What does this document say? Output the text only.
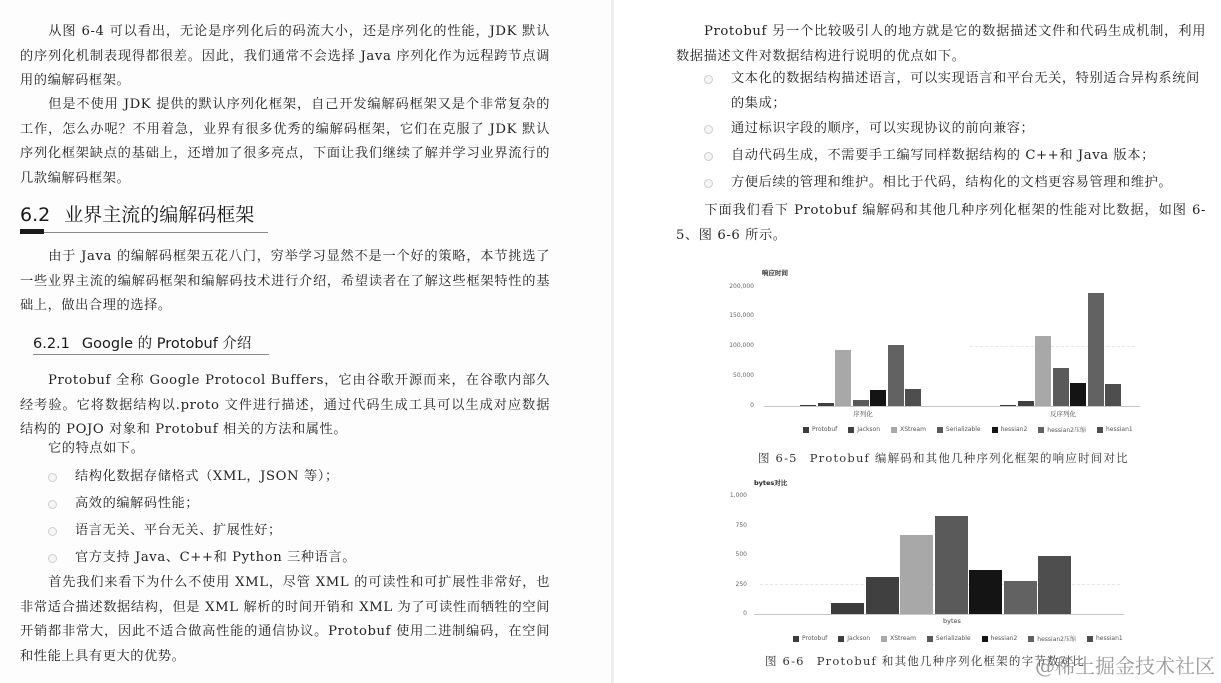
从图 6-4 可以看出，无论是序列化后的码流大小，还是序列化的性能，JDK 默认的序列化机制表现得都很差。因此，我们通常不会选择 Java 序列化作为远程跨节点调用的编解码框架。
但是不使用 JDK 提供的默认序列化框架，自己开发编解码框架又是个非常复杂的工作，怎么办呢？不用着急，业界有很多优秀的编解码框架，它们在克服了 JDK 默认序列化框架缺点的基础上，还增加了很多亮点，下面让我们继续了解并学习业界流行的几款编解码框架。
6.2 业界主流的编解码框架
由于 Java 的编解码框架五花八门，穷举学习显然不是一个好的策略，本节挑选了一些业界主流的编解码框架和编解码技术进行介绍，希望读者在了解这些框架特性的基础上，做出合理的选择。
6.2.1 Google 的 Protobuf 介绍
Protobuf 全称 Google Protocol Buffers，它由谷歌开源而来，在谷歌内部久经考验。它将数据结构以.proto 文件进行描述，通过代码生成工具可以生成对应数据结构的 POJO 对象和 Protobuf 相关的方法和属性。
它的特点如下。
结构化数据存储格式（XML，JSON 等）；
高效的编解码性能；
语言无关、平台无关、扩展性好；
官方支持 Java、C++和 Python 三种语言。
首先我们来看下为什么不使用 XML，尽管 XML 的可读性和可扩展性非常好，也非常适合描述数据结构，但是 XML 解析的时间开销和 XML 为了可读性而牺牲的空间开销都非常大，因此不适合做高性能的通信协议。Protobuf 使用二进制编码，在空间和性能上具有更大的优势。
Protobuf 另一个比较吸引人的地方就是它的数据描述文件和代码生成机制，利用数据描述文件对数据结构进行说明的优点如下。
文本化的数据结构描述语言，可以实现语言和平台无关，特别适合异构系统间的集成；
通过标识字段的顺序，可以实现协议的前向兼容；
自动代码生成，不需要手工编写同样数据结构的 C++和 Java 版本；
方便后续的管理和维护。相比于代码，结构化的文档更容易管理和维护。
下面我们看下 Protobuf 编解码和其他几种序列化框架的性能对比数据，如图 6-5、图 6-6 所示。
响应时间
200,000
150,000
100,000
50,000
0
序列化	反序列化
Protobuf	Jackson	XStream	Serializable	hessian2	hessian2压缩	hessian1
图 6-5 Protobuf 编解码和其他几种序列化框架的响应时间对比
bytes对比
1,000
750
500
250
0
bytes
Protobuf	Jackson	XStream	Serializable	hessian2	hessian2压缩	hessian1
图 6-6 Protobuf 和其他几种序列化框架的字节数对比
@稀土掘金技术社区
